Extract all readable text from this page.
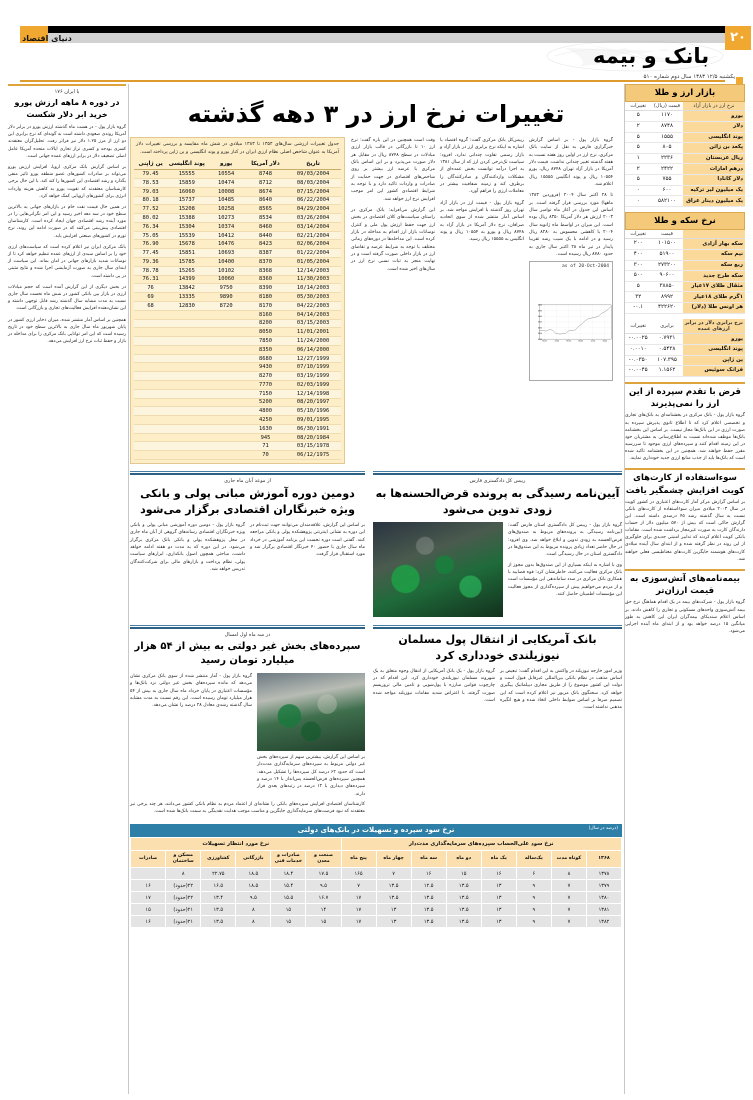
دنیای اقتصاد	۲۰
بانک و بیمه
یکشنبه ۱۲/۵ ۱۳۸۳ سال دوم شماره ۵۱۰
بازار ارز و طلا
نرخ ارز در بازار آزاد	قیمت (ریال)	تغییرات
یورو	۱۱۷۰	۵
دلار	۸۷۴۸	۲
پوند انگلیسی	۱۵۵۵	۵
پکعد بن زائن	۸۰۵	۵
ریال عربستان	۲۲۳۶	۱
درهم امارات	۲۴۲۲	۲
دلار کانادا	۷۵۵	۵
یک میلیون لیر ترکیه	۶۰۰	۰
یک میلیون دینار عراق	۵۸۲۱۰۰	۰
نرخ سکه و طلا
	قیمت	تغییرات
سکه بهار آزادی	۱۰۱۵۰۰	۲۰۰
نیم سکه	۵۱۹۰۰	۴۰۰
ربع سکه	۲۷۳۲۰۰	۳۰۰
سکه طرح جدید	۹۰۶۰۰	۵۰۰
مثقال طلای ۱۷عیار	۳۸۸۵۰	۵
۱گرم طلای ۱۸عیار	۸۹۹۲	۳۲
هر اونس طلا (دلار)	۴۲۲۶۲۰	۰.۱-
نرخ برابری دلار در برابر ارزهای عمده	برابری	تغییرات
یورو	۰.۷۹۳۱	۰.۰۰۲۵-
پوند انگلیسی	۰.۵۴۳۸	۰.۰۰۱۰
ین ژاپن	۱۰۷.۳۹۵	۰.۰۳۵۰-
فرانک سوئیس	۱.۱۵۶۲	۰.۰۰۴۵-
قرض با تقدم سپرده از این ارز را نمی‌پذیرند
گروه بازار پول - بانک مرکزی در بخشنامه‌ای به بانک‌های تجاری و تخصصی اعلام کرد که تا اطلاع ثانوی پذیرش سپرده به صورت ارزی در این بانک‌ها مجاز نیست. بر اساس این بخشنامه بانک‌ها موظف شده‌اند نسبت به اطلاع‌رسانی به مشتریان خود در این زمینه اقدام کنند و سپرده‌های ارزی موجود تا سررسید مقرر حفظ خواهند شد. همچنین در این بخشنامه تاکید شده است که بانک‌ها باید از جذب منابع ارزی جدید خودداری نمایند.
سوء‌استفاده از کارت‌های کویت افزایش چشمگیر یافت
بر اساس گزارش مرکز آمار کارت‌های اعتباری در کشور کویت در سال ۲۰۰۳ میلادی میزان سوء‌استفاده از کارت‌های بانکی نسبت به سال گذشته رشد ۴۵ درصدی داشته است. این گزارش حاکی است که بیش از ۵۷۰ میلیون دلار از حساب دارندگان کارت به صورت غیرمجاز برداشت شده است. مقامات بانکی کویت اعلام کردند که تدابیر امنیتی جدیدی برای جلوگیری از این روند در نظر گرفته شده و از ابتدای سال آینده میلادی کارت‌های هوشمند جایگزین کارت‌های مغناطیسی فعلی خواهند شد.
بیمه‌نامه‌های آتش‌سوزی به قیمت ارزان‌تر
گروه بازار پول - شرکت‌های بیمه در یک اقدام هماهنگ نرخ حق بیمه آتش‌سوزی واحدهای مسکونی و تجاری را کاهش دادند. بر اساس اعلام سندیکای بیمه‌گران ایران این کاهش به طور میانگین ۱۵ درصد خواهد بود و از ابتدای ماه آینده اجرایی می‌شود.
با ایران ۱۷۶
در دوره ۸ ماهه ارزش یورو خرید ابر دلار شکست
گروه بازار پول - در هشت ماه گذشته ارزش یورو در برابر دلار آمریکا روندی صعودی داشته است به گونه‌ای که نرخ برابری این دو ارز از مرز ۱.۲۵ دلار نیز فراتر رفت. تحلیل‌گران معتقدند کسری بودجه و کسری تراز تجاری ایالات متحده آمریکا عامل اصلی تضعیف دلار در برابر ارزهای عمده جهانی است.
بر اساس گزارش بانک مرکزی اروپا، افزایش ارزش یورو می‌تواند بر صادرات کشورهای عضو منطقه یورو تاثیر منفی بگذارد و رشد اقتصادی این کشورها را کند کند. با این حال برخی کارشناسان معتقدند که تقویت یورو به کاهش هزینه واردات انرژی برای کشورهای اروپایی کمک خواهد کرد.
در همین حال قیمت نفت خام در بازارهای جهانی به بالاترین سطح خود در سه دهه اخیر رسید و این امر نگرانی‌هایی را در مورد آینده رشد اقتصادی جهان ایجاد کرده است. کارشناسان اقتصادی پیش‌بینی می‌کنند که در صورت ادامه این روند، نرخ تورم در کشورهای صنعتی افزایش یابد.
بانک مرکزی ایران نیز اعلام کرده است که سیاست‌های ارزی خود را بر اساس سبدی از ارزهای عمده تنظیم خواهد کرد تا از نوسانات شدید بازارهای جهانی در امان بماند. این سیاست از ابتدای سال جاری به صورت آزمایشی اجرا شده و نتایج مثبتی در پی داشته است.
در بخش دیگری از این گزارش آمده است که حجم مبادلات ارزی در بازار بین بانکی کشور در شش ماه نخست سال جاری نسبت به مدت مشابه سال گذشته رشد قابل توجهی داشته و این نشان‌دهنده افزایش فعالیت‌های تجاری و بازرگانی است.
همچنین بر اساس آمار منتشر شده، میزان ذخایر ارزی کشور در پایان شهریور ماه سال جاری به بالاترین سطح خود در تاریخ رسیده است که این امر توانایی بانک مرکزی را برای مداخله در بازار و حفظ ثبات نرخ ارز افزایش می‌دهد.
تغییرات نرخ ارز در ۳ دهه گذشته
جدول تغییرات ارزشی سال‌های ۱۳۵۴ تا ۱۳۸۳ میلادی در شش ماه مقایسه و بررسی تغییرات دلار آمریکا به عنوان شاخص اصلی نظام ارزی ایران در کنار یورو و پوند انگلیسی و ین ژاپن پرداخته است.
تاریخ	دلار آمریکا	یورو	پوند انگلیسی	ین ژاپنی
09/03/2004	8748	10554	15555	79.45
08/03/2004	8712	10474	15859	78.53
07/15/2004	8674	10008	16060	79.03
06/22/2004	8640	10485	15737	80.18
04/29/2004	8565	10258	15208	77.52
03/26/2004	8534	10273	15388	80.02
03/14/2004	8460	10374	15304	76.34
02/21/2004	8440	10412	15539	75.05
02/06/2004	8423	10476	15678	76.90
01/22/2004	8387	10693	15851	77.45
01/05/2004	8370	10400	15785	79.36
12/14/2003	8368	10102	15265	78.78
11/30/2003	8360	10060	14399	76.31
10/14/2003	8390	9750	13842	76
05/30/2003	8180	9890	13335	69
04/22/2003	8170	8720	12830	68
04/14/2003	8160			
03/15/2003	8200			
11/01/2001	8050			
11/24/2000	7850			
06/14/2000	8350			
12/27/1999	8680			
07/10/1999	9430			
03/19/1999	8270			
02/03/1999	7770			
12/14/1998	7150			
08/20/1997	5200			
05/10/1996	4800			
09/01/1995	4250			
06/30/1991	1630			
08/20/1984	945			
03/15/1978	71			
06/12/1975	70			
وقت است همچنین در این باره گفت: نرخ ارز ۱۰ تا بازرگانی در قالب بازار ارزی مبادلات در سطح ۸۷۴۸ ریال در مقابل هر دلار صورت می‌پذیرد و بر این اساس بانک مرکزی با عرضه ارز بیشتر بر روی شاخص‌های اقتصادی در جهت حمایت از صادرات و واردات تاکید دارد و با توجه به شرایط اقتصادی کشور این امر موجب افزایش نرخ ارز خواهد شد.
این گزارش می‌افزاید: بانک مرکزی در راستای سیاست‌های کلان اقتصادی در بخش ارز جهت حفظ ارزش پول ملی و کنترل نوسانات بازار ارز اقدام به مداخله در بازار کرده است. این مداخله‌ها در دوره‌های زمانی مختلف با توجه به شرایط عرضه و تقاضای ارز در بازار داخلی صورت گرفته است و در نهایت منجر به ثبات نسبی نرخ ارز در سال‌های اخیر شده است.
رییس‌کل بانک مرکزی گفت: گروه اقتصاد با اشاره به اینکه نرخ برابری ارز در بازار آزاد و بازار رسمی تفاوت چندانی ندارد، افزود: سیاست تک‌نرخی کردن ارز که از سال ۱۳۸۱ به اجرا درآمد توانست بخش عمده‌ای از مشکلات واردکنندگان و صادرکنندگان را برطرف کند و زمینه شفافیت بیشتر در معاملات ارزی را فراهم آورد.
گروه بازار پول - قیمت ارز در بازار آزاد تهران روز گذشته با افزایش مواجه شد. بر اساس آمار منتشر شده از سوی اتحادیه صرافان، نرخ دلار آمریکا در بازار آزاد به ۸۷۴۸ ریال و یورو به ۱۰۵۵۴ ریال و پوند انگلیس به ۱۵۵۵۵ ریال رسید.
گروه بازار پول - بر اساس گزارش خبرگزاری فارس به نقل از سایت بانک مرکزی، نرخ ارز در اولین روز هفته نسبت به هفته گذشته تغییر چندانی نداشت. قیمت دلار آمریکا در بازار آزاد تهران ۸۷۴۸ ریال، یورو ۱۰۵۵۴ ریال و پوند انگلیس ۱۵۵۵۵ ریال اعلام شد.
تا ۲۸ اکتبر سال ۲۰۰۴ (فروردین ۱۳۸۳ ماهها) مورد بررسی قرار گرفته است. بر اساس این جدول در آغاز ماه نوامبر سال ۲۰۰۳ ارزش هر دلار آمریکا ۸۳۵۰ ریال بوده است. این میزان در اواسط ماه ژانویه سال ۲۰۰۴ با کاهشی محسوس به ۸۲۸۰ ریال رسید و در ادامه با یک شیب رشد تقریبا پایدار در تیر ماه ۲۸ اکتبر سال جاری به حدود ۸۷۸۰ ریال رسیده است.
as of 20-Oct-2004
8200
8300
8400
8500
8600
8700
8800
Nov03 Jan04 Mar04 May04 Jul04 Sep04
از موعد آبان ماه جاری
دومین دوره آموزش مبانی پولی و بانکی ویژه خبرنگاران اقتصادی برگزار می‌شود
گروه بازار پول - دومین دوره آموزشی مبانی پولی و بانکی ویژه خبرنگاران اقتصادی رسانه‌های گروهی از آبان ماه جاری در محل پژوهشکده پولی و بانکی بانک مرکزی برگزار می‌شود. در این دوره که به مدت دو هفته ادامه خواهد داشت، مباحثی همچون اصول بانکداری، ابزارهای سیاست پولی، نظام پرداخت و بازارهای مالی برای شرکت‌کنندگان تدریس خواهد شد.
بر اساس این گزارش، علاقه‌مندان می‌توانند جهت ثبت‌نام در این دوره به نشانی اینترنتی پژوهشکده پولی و بانکی مراجعه کنند. گفتنی است دوره نخست این برنامه آموزشی در خرداد ماه سال جاری با حضور ۴۰ خبرنگار اقتصادی برگزار شد و مورد استقبال قرار گرفت.
رییس کل دادگستری فارس
آیین‌نامه رسیدگی به پرونده قرض‌الحسنه‌ها به زودی تدوین می‌شود
گروه بازار پول - رییس کل دادگستری استان فارس گفت: آیین‌نامه رسیدگی به پرونده‌های مربوط به صندوق‌های قرض‌الحسنه به زودی تدوین و ابلاغ خواهد شد. وی افزود: در حال حاضر تعداد زیادی پرونده مربوط به این صندوق‌ها در دادگستری استان در حال رسیدگی است.
وی با اشاره به اینکه بسیاری از این صندوق‌ها بدون مجوز از بانک مرکزی فعالیت می‌کنند، خاطرنشان کرد: قوه قضاییه با همکاری بانک مرکزی در صدد ساماندهی این مؤسسات است و از مردم می‌خواهیم پیش از سپرده‌گذاری از مجوز فعالیت این مؤسسات اطمینان حاصل کنند.
در سه ماه اول امسال
سپرده‌های بخش غیر دولتی به بیش از ۵۴ هزار میلیارد تومان رسید
گروه بازار پول - آمار منتشر شده از سوی بانک مرکزی نشان می‌دهد که مانده سپرده‌های بخش غیر دولتی نزد بانک‌ها و مؤسسات اعتباری در پایان خرداد ماه سال جاری به بیش از ۵۴ هزار میلیارد تومان رسیده است. این رقم نسبت به مدت مشابه سال گذشته رشدی معادل ۲۸ درصد را نشان می‌دهد.
بر اساس این گزارش، بیشترین سهم از سپرده‌های بخش غیر دولتی مربوط به سپرده‌های سرمایه‌گذاری مدت‌دار است که حدود ۶۲ درصد کل سپرده‌ها را تشکیل می‌دهد. همچنین سپرده‌های قرض‌الحسنه پس‌انداز با ۱۴ درصد و سپرده‌های دیداری با ۱۲ درصد در رتبه‌های بعدی قرار دارند.
کارشناسان اقتصادی افزایش سپرده‌های بانکی را نشانه‌ای از اعتماد مردم به نظام بانکی کشور می‌دانند، هر چند برخی نیز معتقدند که نبود فرصت‌های سرمایه‌گذاری جایگزین و مناسب موجب هدایت نقدینگی به سمت بانک‌ها شده است.
بانک آمریکایی از انتقال پول مسلمان نیوزیلندی خودداری کرد
گروه بازار پول - یک بانک آمریکایی از انتقال وجوه متعلق به یک شهروند مسلمان نیوزیلندی خودداری کرد. این اقدام که در چارچوب قوانین مبارزه با پول‌شویی و تامین مالی تروریسم صورت گرفته، با اعتراض شدید مقامات نیوزیلند مواجه شده است.
وزیر امور خارجه نیوزیلند در واکنش به این اقدام گفت: تبعیض بر اساس مذهب در نظام بانکی بین‌المللی غیرقابل قبول است و دولت این کشور موضوع را از طریق مجاری دیپلماتیک پیگیری خواهد کرد. سخنگوی بانک مزبور نیز اعلام کرده است که این تصمیم صرفا بر اساس ضوابط داخلی اتخاذ شده و هیچ انگیزه مذهبی نداشته است.
(درصد در سال)
نرخ سود سپرده و تسهیلات در بانک‌های دولتی
نرخ سود علی‌الحساب سپرده‌های سرمایه‌گذاری مدت‌دار								نرخ مورد انتظار تسهیلات					
۱۳۶۸	کوتاه مدت	یک‌ساله	یک ماه	دو ماه	سه ماه	چهار ماه	پنج ماه	صنعت و معدن	صادرات و خدمات فنی	بازرگانی	کشاورزی	مسکن و ساختمان	صادرات
۱۳۷۸	۸	۶	۱۶	۱۵	۱۶	۷	۱۶۵	۱۷.۵	۱۸.۴	۱۸.۵	۲۲.۷۵	۸	
۱۳۷۹	۷	۹	۱۳	۱۳.۵	۱۲.۵	۱۳.۵	۷	۹.۵	۱۵.۴	۱۸.۵	۱۶.۵	۲۲(حدود)	۱۶
۱۳۸۰	۷	۹	۱۳	۱۳.۵	۱۳.۵	۱۳.۵	۱۷	۱۶.۷	۱۵.۵	۹.۵	۱۳.۴	۲۲(حدود)	۱۷
۱۳۸۱	۷	۹	۱۳	۱۳.۵	۱۳.۵	۱۳	۱۷	۱۴	۱۵	۸	۱۳.۵	۲۱(حدود)	۱۵
۱۳۸۲	۷	۹	۱۳	۱۳.۵	۱۳.۵	۱۳	۱۷	۱۵	۱۵	۸	۱۳.۵	۲۱(حدود)	۱۶
